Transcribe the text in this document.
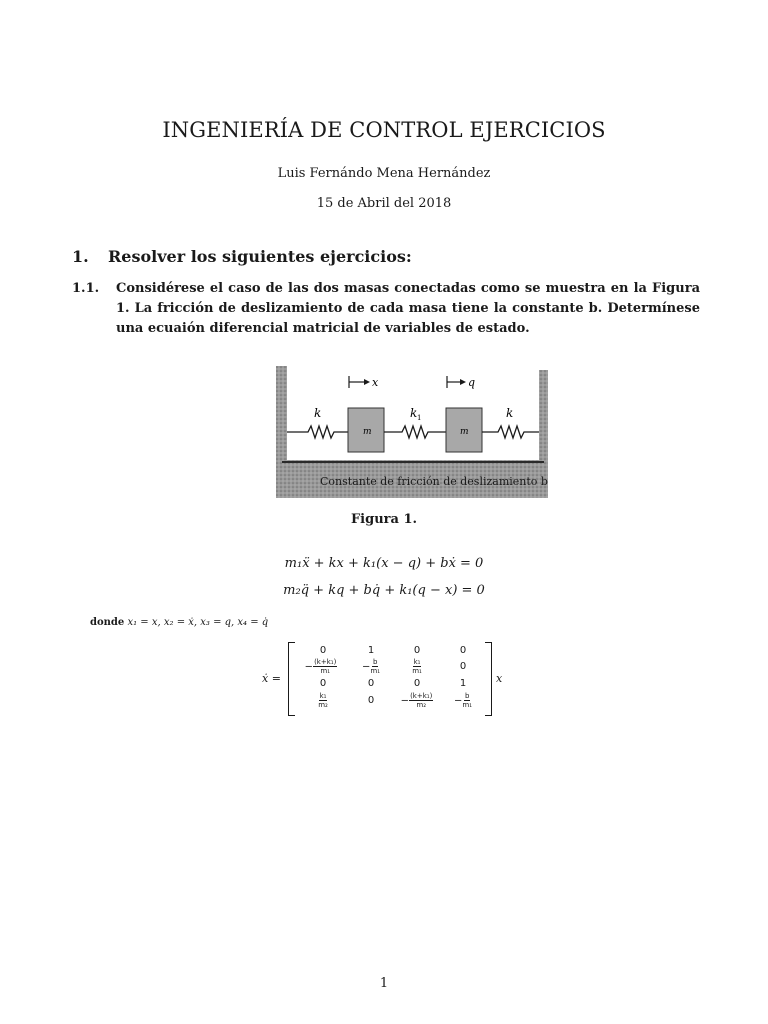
INGENIERÍA DE CONTROL EJERCICIOS
Luis Fernándo Mena Hernández
15 de Abril del 2018
1. Resolver los siguientes ejercicios:
1.1. Considérese el caso de las dos masas conectadas como se muestra en la Figura 1. La fricción de deslizamiento de cada masa tiene la constante b. Determínese una ecuaión diferencial matricial de variables de estado.
Constante de fricción de deslizamiento b
k
m
x
k 1
m
q
k
Figura 1.
m₁ẍ + kx + k₁(x − q) + bẋ = 0
m₂q̈ + kq + bq̇ + k₁(q − x) = 0
donde x₁ = x, x₂ = ẋ, x₃ = q, x₄ = q̇
ẋ =
0	1	0	0
− $\frac{\text{(k+k₁)}}{\text{m₁}}$	− $\frac{b}{\text{m₁}}$	$\frac{\text{k₁}}{\text{m₁}}$	0
0	0	0	1
$\frac{\text{k₁}}{\text{m₂}}$	0	− $\frac{\text{(k+k₁)}}{\text{m₂}}$	− $\frac{b}{\text{m₁}}$
x
1
